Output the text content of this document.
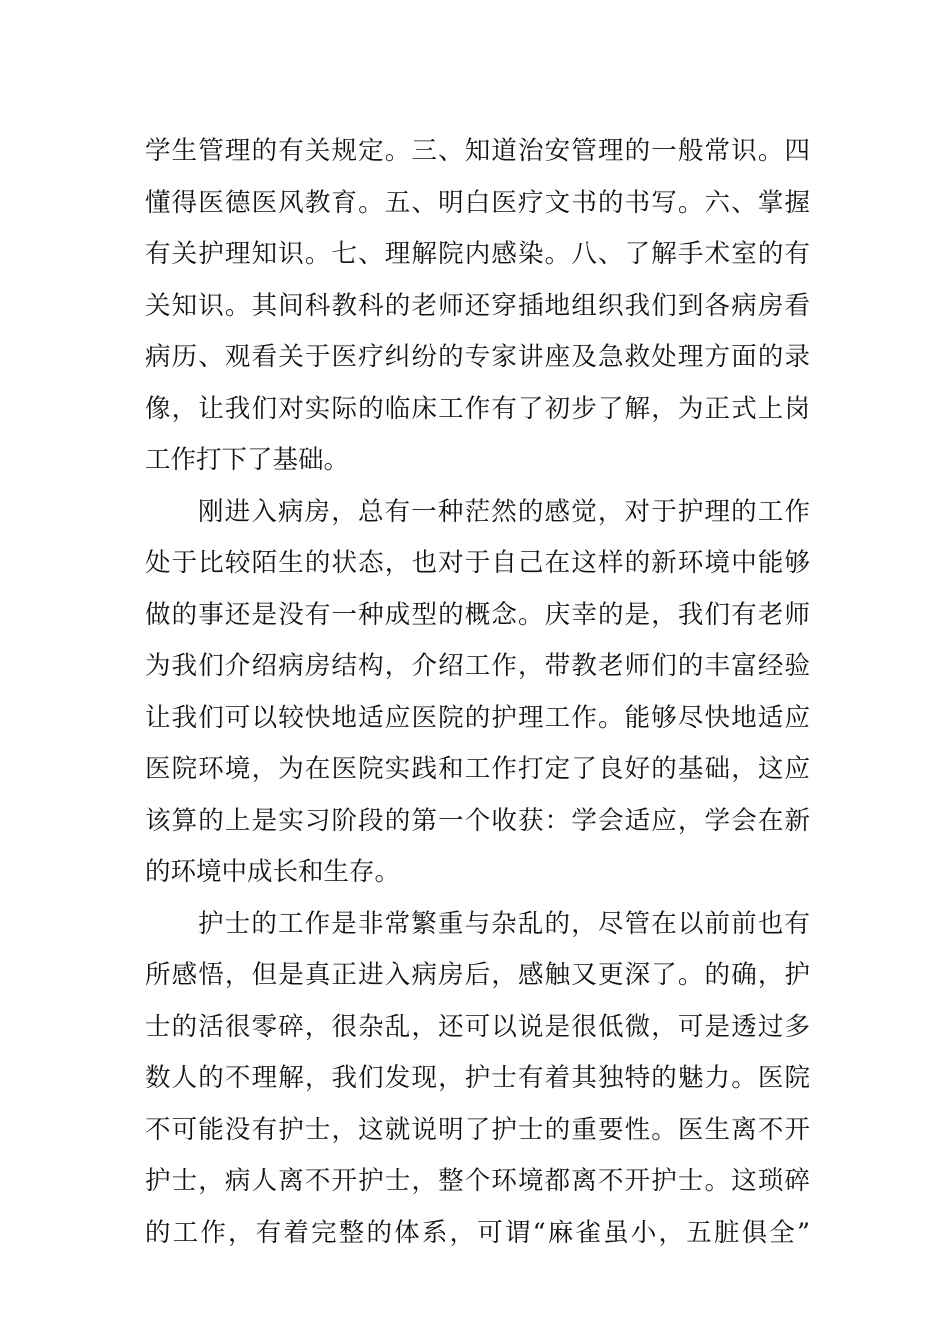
学生管理的有关规定。三、知道治安管理的一般常识。四
懂得医德医风教育。五、明白医疗文书的书写。六、掌握
有关护理知识。七、理解院内感染。八、了解手术室的有
关知识。其间科教科的老师还穿插地组织我们到各病房看
病历、观看关于医疗纠纷的专家讲座及急救处理方面的录
像，让我们对实际的临床工作有了初步了解，为正式上岗
工作打下了基础。
刚进入病房，总有一种茫然的感觉，对于护理的工作
处于比较陌生的状态，也对于自己在这样的新环境中能够
做的事还是没有一种成型的概念。庆幸的是，我们有老师
为我们介绍病房结构，介绍工作，带教老师们的丰富经验
让我们可以较快地适应医院的护理工作。能够尽快地适应
医院环境，为在医院实践和工作打定了良好的基础，这应
该算的上是实习阶段的第一个收获：学会适应，学会在新
的环境中成长和生存。
护士的工作是非常繁重与杂乱的，尽管在以前前也有
所感悟，但是真正进入病房后，感触又更深了。的确，护
士的活很零碎，很杂乱，还可以说是很低微，可是透过多
数人的不理解，我们发现，护士有着其独特的魅力。医院
不可能没有护士，这就说明了护士的重要性。医生离不开
护士，病人离不开护士，整个环境都离不开护士。这琐碎
的工作，有着完整的体系，可谓“麻雀虽小，五脏俱全”
